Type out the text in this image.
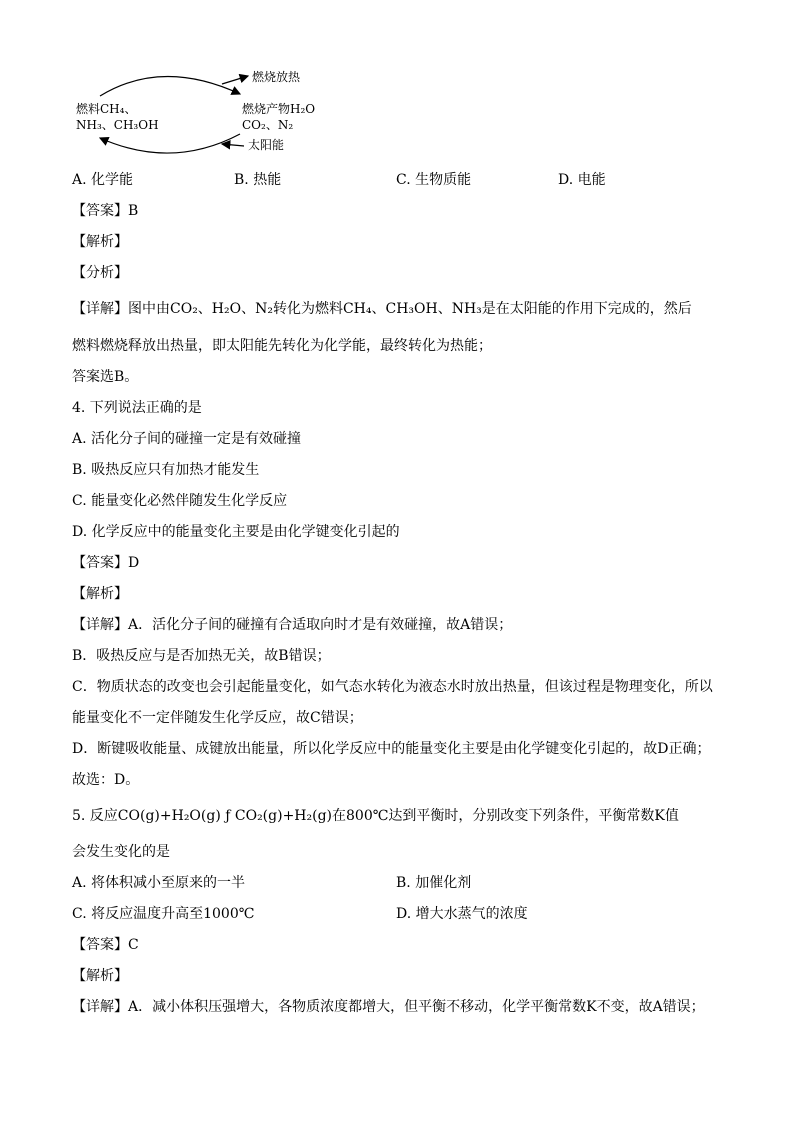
燃料CH₄、
NH₃、CH₃OH
燃烧放热
燃烧产物H₂O
CO₂、N₂
太阳能
A. 化学能	B. 热能	C. 生物质能	D. 电能
【答案】B
【解析】
【分析】
【详解】图中由CO₂、H₂O、N₂转化为燃料CH₄、CH₃OH、NH₃是在太阳能的作用下完成的，然后
燃料燃烧释放出热量，即太阳能先转化为化学能，最终转化为热能；
答案选B。
4. 下列说法正确的是
A. 活化分子间的碰撞一定是有效碰撞
B. 吸热反应只有加热才能发生
C. 能量变化必然伴随发生化学反应
D. 化学反应中的能量变化主要是由化学键变化引起的
【答案】D
【解析】
【详解】A．活化分子间的碰撞有合适取向时才是有效碰撞，故A错误；
B．吸热反应与是否加热无关，故B错误；
C．物质状态的改变也会引起能量变化，如气态水转化为液态水时放出热量，但该过程是物理变化，所以
能量变化不一定伴随发生化学反应，故C错误；
D．断键吸收能量、成键放出能量，所以化学反应中的能量变化主要是由化学键变化引起的，故D正确；
故选：D。
5. 反应CO(g)+H₂O(g) ƒ CO₂(g)+H₂(g)在800℃达到平衡时，分别改变下列条件，平衡常数K值
会发生变化的是
A. 将体积减小至原来的一半	B. 加催化剂
C. 将反应温度升高至1000℃	D. 增大水蒸气的浓度
【答案】C
【解析】
【详解】A．减小体积压强增大，各物质浓度都增大，但平衡不移动，化学平衡常数K不变，故A错误；
